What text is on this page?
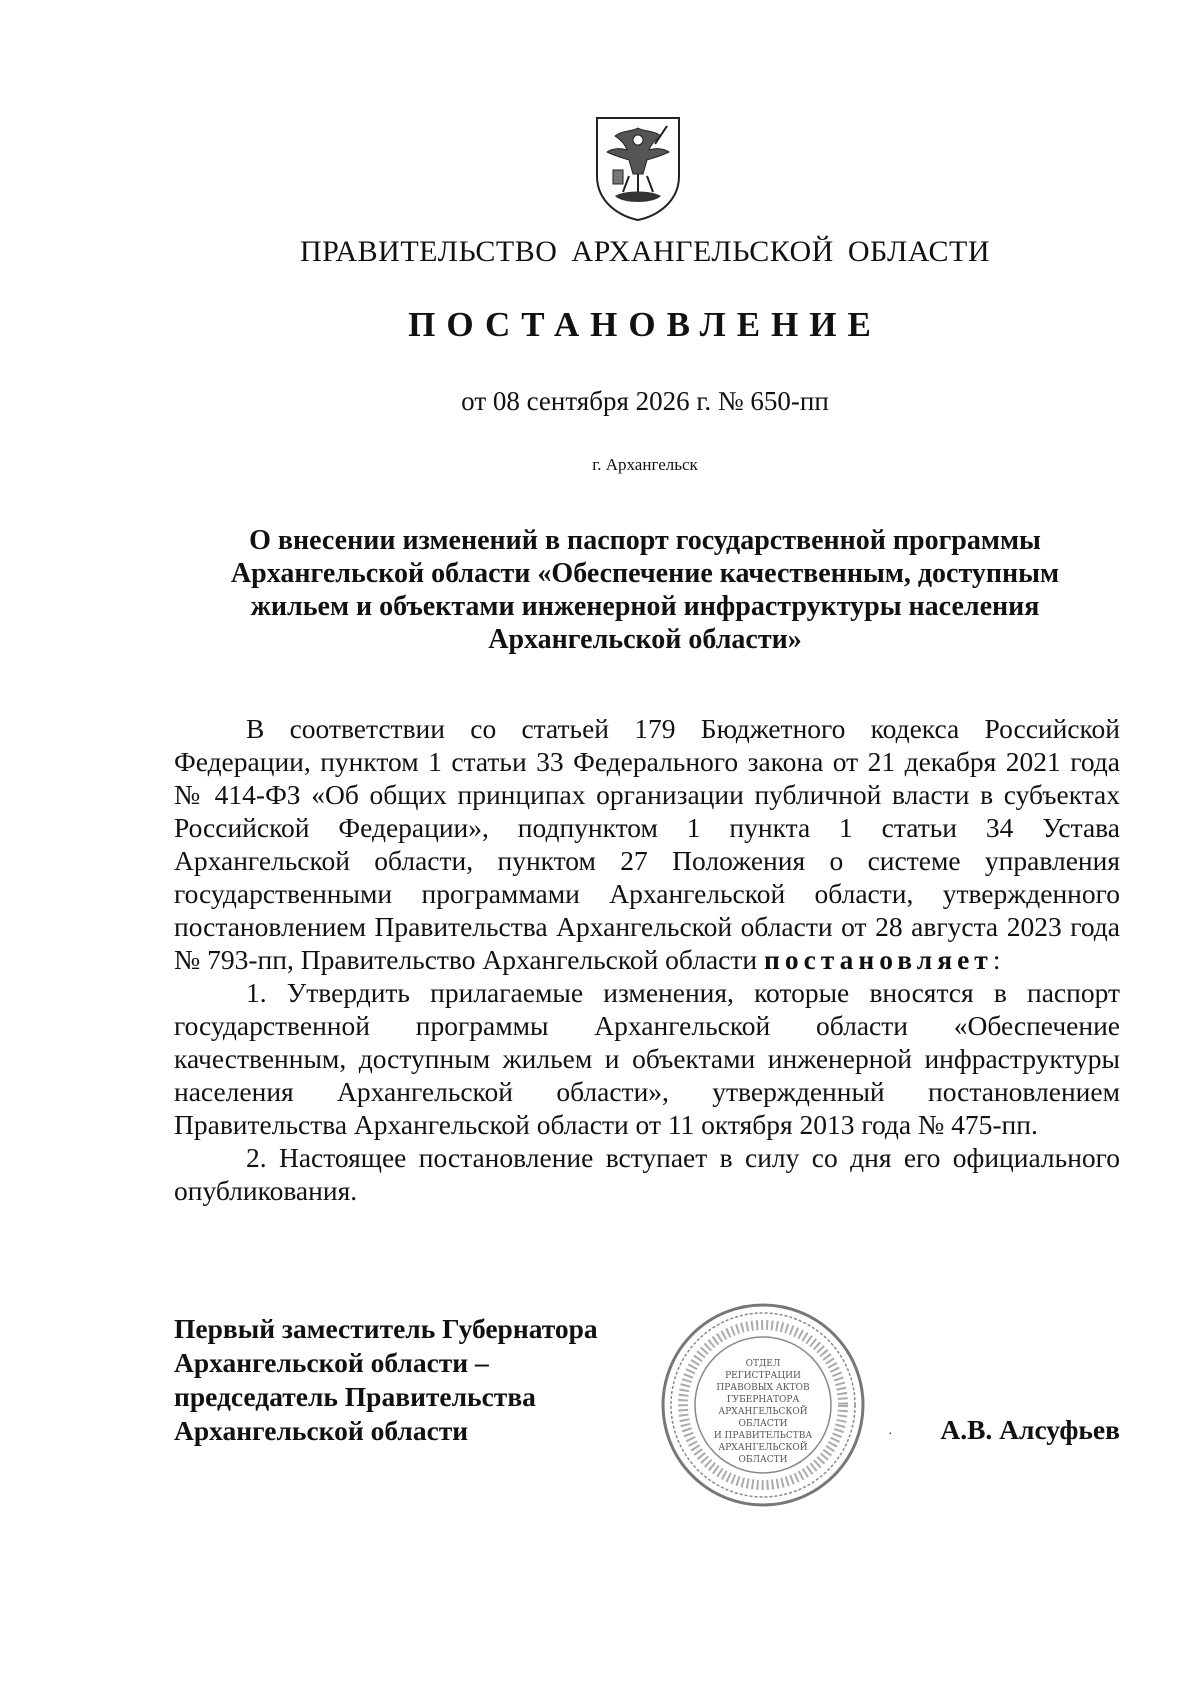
ПРАВИТЕЛЬСТВО АРХАНГЕЛЬСКОЙ ОБЛАСТИ
ПОСТАНОВЛЕНИЕ
от 08 сентября 2026 г. № 650-пп
г. Архангельск
О внесении изменений в паспорт государственной программы Архангельской области «Обеспечение качественным, доступным жильем и объектами инженерной инфраструктуры населения Архангельской области»

В соответствии со статьей 179 Бюджетного кодекса Российской Федерации, пунктом 1 статьи 33 Федерального закона от 21 декабря 2021 года № 414-ФЗ «Об общих принципах организации публичной власти в субъектах Российской Федерации», подпунктом 1 пункта 1 статьи 34 Устава Архангельской области, пунктом 27 Положения о системе управления государственными программами Архангельской области, утвержденного постановлением Правительства Архангельской области от 28 августа 2023 года № 793-пп, Правительство Архангельской области постановляет:

1. Утвердить прилагаемые изменения, которые вносятся в паспорт государственной программы Архангельской области «Обеспечение качественным, доступным жильем и объектами инженерной инфраструктуры населения Архангельской области», утвержденный постановлением Правительства Архангельской области от 11 октября 2013 года № 475-пп.

2. Настоящее постановление вступает в силу со дня его официального опубликования.

Первый заместитель Губернатора
Архангельской области –
председатель Правительства
Архангельской области
ОТДЕЛ
РЕГИСТРАЦИИ
ПРАВОВЫХ АКТОВ
ГУБЕРНАТОРА
АРХАНГЕЛЬСКОЙ
ОБЛАСТИ
И ПРАВИТЕЛЬСТВА
АРХАНГЕЛЬСКОЙ
ОБЛАСТИ
·	А.В. Алсуфьев
